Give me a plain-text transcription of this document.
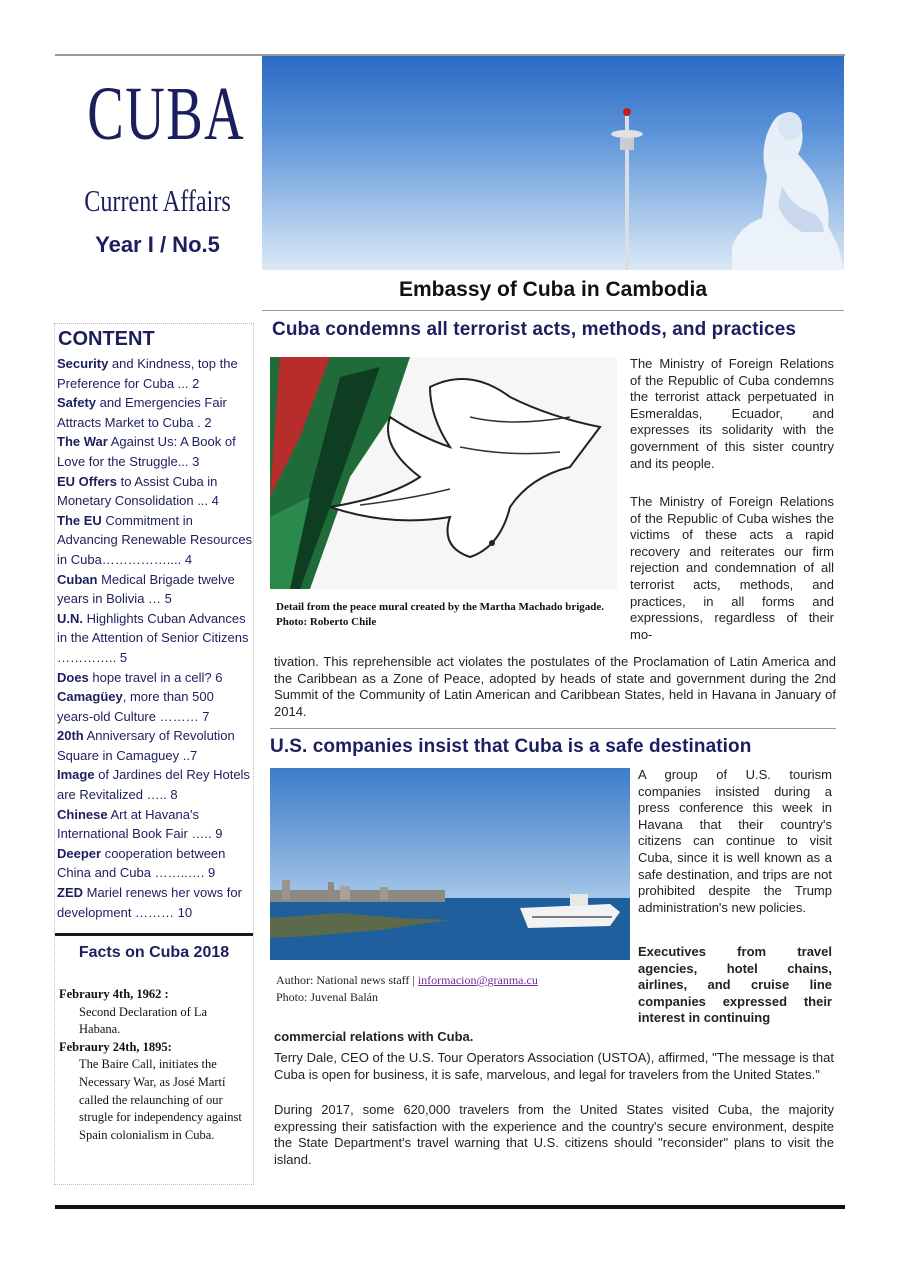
CUBA
Current Affairs
Year I / No.5
Embassy of Cuba in Cambodia
CONTENT
Security and Kindness, top the Preference for Cuba ... 2
Safety and Emergencies Fair Attracts Market to Cuba . 2
The War Against Us: A Book of Love for the Struggle... 3
EU Offers to Assist Cuba in Monetary Consolidation ... 4
The EU Commitment in Advancing Renewable Resources in Cuba…………….... 4
Cuban Medical Brigade twelve years in Bolivia … 5
U.N. Highlights Cuban Advances in the Attention of Senior Citizens ………….. 5
Does hope travel in a cell? 6
Camagüey, more than 500 years-old Culture ……… 7
20th Anniversary of Revolution Square in Camaguey ..7
Image of Jardines del Rey Hotels are Revitalized ….. 8
Chinese Art at Havana's International Book Fair ….. 9
Deeper cooperation between China and Cuba ……..…. 9
ZED Mariel renews her vows for development ……… 10
Facts on Cuba 2018
Febraury 4th, 1962 :
Second Declaration of La Habana.
Febraury 24th, 1895:
The Baire Call, initiates the Necessary War, as José Martí called the relaunching of our strugle for independency against Spain colonialism in Cuba.
Cuba condemns all terrorist acts, methods, and practices
Detail from the peace mural created by the Martha Machado brigade. Photo: Roberto Chile
The Ministry of Foreign Relations of the Republic of Cuba condemns the terrorist attack perpetuated in Esmeraldas, Ecuador, and expresses its solidarity with the government of this sister country and its people.
The Ministry of Foreign Relations of the Republic of Cuba wishes the victims of these acts a rapid recovery and reiterates our firm rejection and condemnation of all terrorist acts, methods, and practices, in all forms and expressions, regardless of their mo-
tivation. This reprehensible act violates the postulates of the Proclamation of Latin America and the Caribbean as a Zone of Peace, adopted by heads of state and government during the 2nd Summit of the Community of Latin American and Caribbean States, held in Havana in January of 2014.
U.S. companies insist that Cuba is a safe destination
Author: National news staff | informacion@granma.cu
Photo: Juvenal Balán
A group of U.S. tourism companies insisted during a press conference this week in Havana that their country's citizens can continue to visit Cuba, since it is well known as a safe destination, and trips are not prohibited despite the Trump administration's new policies.
Executives from travel agencies, hotel chains, airlines, and cruise line companies expressed their interest in continuing
commercial relations with Cuba.
Terry Dale, CEO of the U.S. Tour Operators Association (USTOA), affirmed, "The message is that Cuba is open for business, it is safe, marvelous, and legal for travelers from the United States."
During 2017, some 620,000 travelers from the United States visited Cuba, the majority expressing their satisfaction with the experience and the country's secure environment, despite the State Department's travel warning that U.S. citizens should "reconsider" plans to visit the island.
